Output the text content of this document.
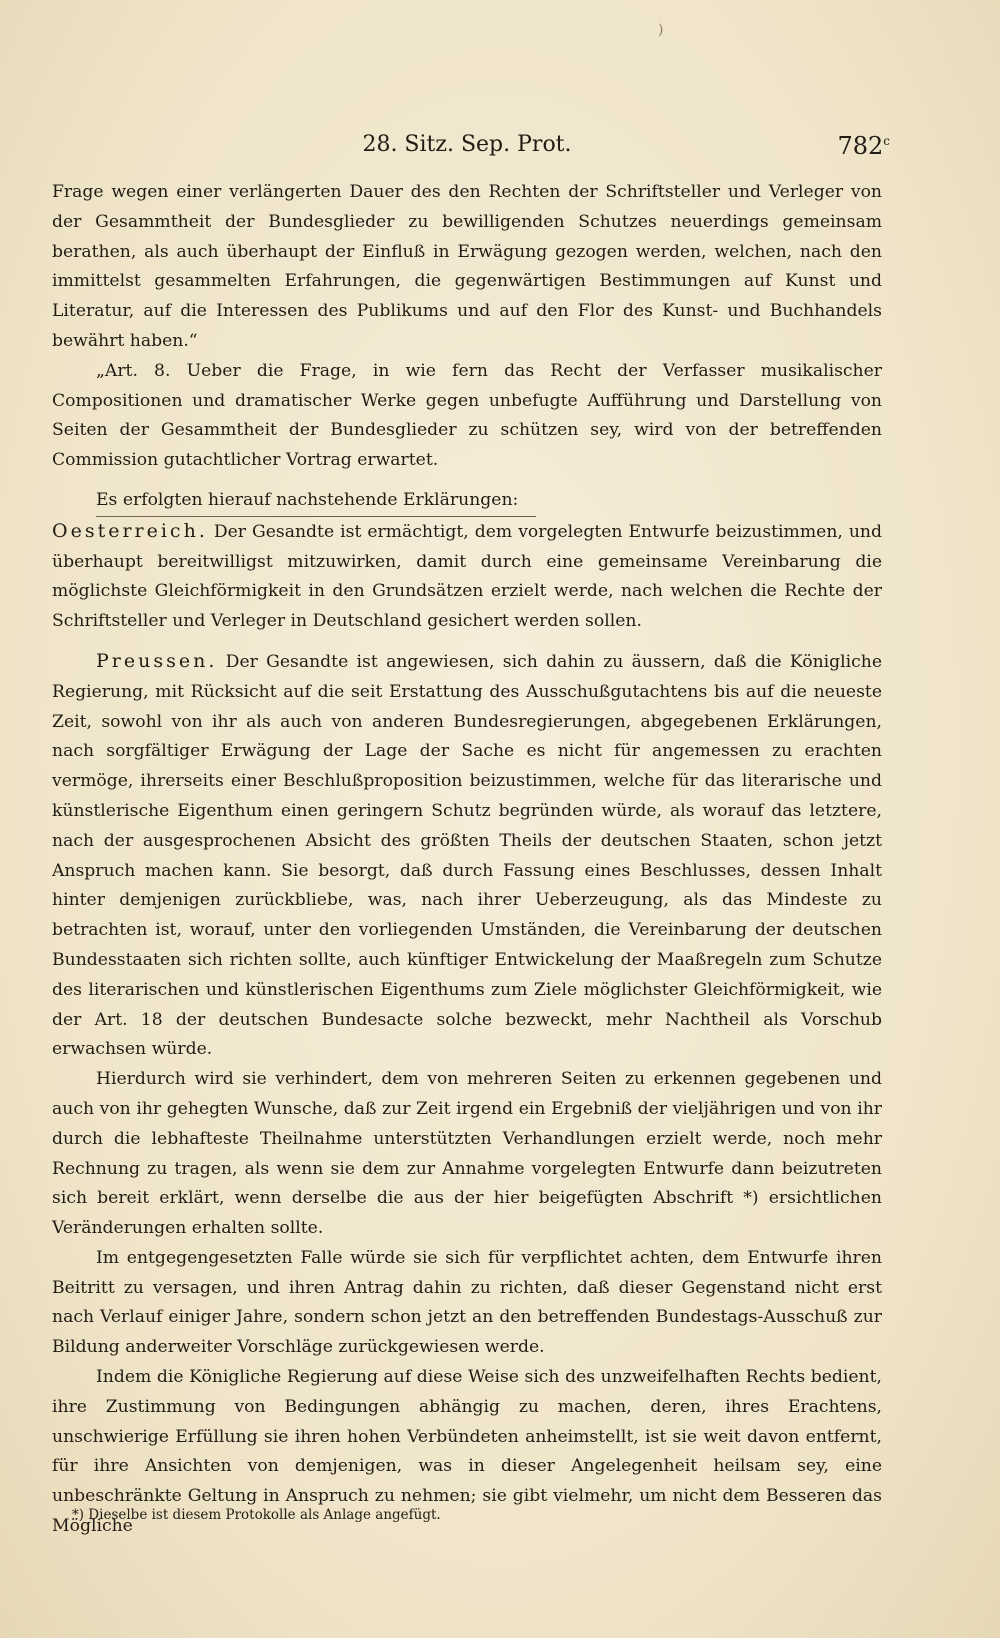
)
28. Sitz. Sep. Prot.	782$^c$

Frage wegen einer verlängerten Dauer des den Rechten der Schriftsteller und Verleger von der Gesammtheit der Bundesglieder zu bewilligenden Schutzes neuerdings gemeinsam berathen, als auch überhaupt der Einfluß in Erwägung gezogen werden, welchen, nach den immittelst gesammelten Erfahrungen, die gegenwärtigen Bestimmungen auf Kunst und Literatur, auf die Interessen des Publikums und auf den Flor des Kunst- und Buchhandels bewährt haben.“

„Art. 8. Ueber die Frage, in wie fern das Recht der Verfasser musikalischer Compositionen und dramatischer Werke gegen unbefugte Aufführung und Darstellung von Seiten der Gesammtheit der Bundesglieder zu schützen sey, wird von der betreffenden Commission gutachtlicher Vortrag erwartet.

Es erfolgten hierauf nachstehende Erklärungen:

Oesterreich. Der Gesandte ist ermächtigt, dem vorgelegten Entwurfe beizustimmen, und überhaupt bereitwilligst mitzuwirken, damit durch eine gemeinsame Vereinbarung die möglichste Gleichförmigkeit in den Grundsätzen erzielt werde, nach welchen die Rechte der Schriftsteller und Verleger in Deutschland gesichert werden sollen.

Preussen. Der Gesandte ist angewiesen, sich dahin zu äussern, daß die Königliche Regierung, mit Rücksicht auf die seit Erstattung des Ausschußgutachtens bis auf die neueste Zeit, sowohl von ihr als auch von anderen Bundesregierungen, abgegebenen Erklärungen, nach sorgfältiger Erwägung der Lage der Sache es nicht für angemessen zu erachten vermöge, ihrerseits einer Beschlußproposition beizustimmen, welche für das literarische und künstlerische Eigenthum einen geringern Schutz begründen würde, als worauf das letztere, nach der ausgesprochenen Absicht des größten Theils der deutschen Staaten, schon jetzt Anspruch machen kann. Sie besorgt, daß durch Fassung eines Beschlusses, dessen Inhalt hinter demjenigen zurückbliebe, was, nach ihrer Ueberzeugung, als das Mindeste zu betrachten ist, worauf, unter den vorliegenden Umständen, die Vereinbarung der deutschen Bundesstaaten sich richten sollte, auch künftiger Entwickelung der Maaßregeln zum Schutze des literarischen und künstlerischen Eigenthums zum Ziele möglichster Gleichförmigkeit, wie der Art. 18 der deutschen Bundesacte solche bezweckt, mehr Nachtheil als Vorschub erwachsen würde.

Hierdurch wird sie verhindert, dem von mehreren Seiten zu erkennen gegebenen und auch von ihr gehegten Wunsche, daß zur Zeit irgend ein Ergebniß der vieljährigen und von ihr durch die lebhafteste Theilnahme unterstützten Verhandlungen erzielt werde, noch mehr Rechnung zu tragen, als wenn sie dem zur Annahme vorgelegten Entwurfe dann beizutreten sich bereit erklärt, wenn derselbe die aus der hier beigefügten Abschrift *) ersichtlichen Veränderungen erhalten sollte.

Im entgegengesetzten Falle würde sie sich für verpflichtet achten, dem Entwurfe ihren Beitritt zu versagen, und ihren Antrag dahin zu richten, daß dieser Gegenstand nicht erst nach Verlauf einiger Jahre, sondern schon jetzt an den betreffenden Bundestags-Ausschuß zur Bildung anderweiter Vorschläge zurückgewiesen werde.

Indem die Königliche Regierung auf diese Weise sich des unzweifelhaften Rechts bedient, ihre Zustimmung von Bedingungen abhängig zu machen, deren, ihres Erachtens, unschwierige Erfüllung sie ihren hohen Verbündeten anheimstellt, ist sie weit davon entfernt, für ihre Ansichten von demjenigen, was in dieser Angelegenheit heilsam sey, eine unbeschränkte Geltung in Anspruch zu nehmen; sie gibt vielmehr, um nicht dem Besseren das Mögliche

*) Dieselbe ist diesem Protokolle als Anlage angefügt.
